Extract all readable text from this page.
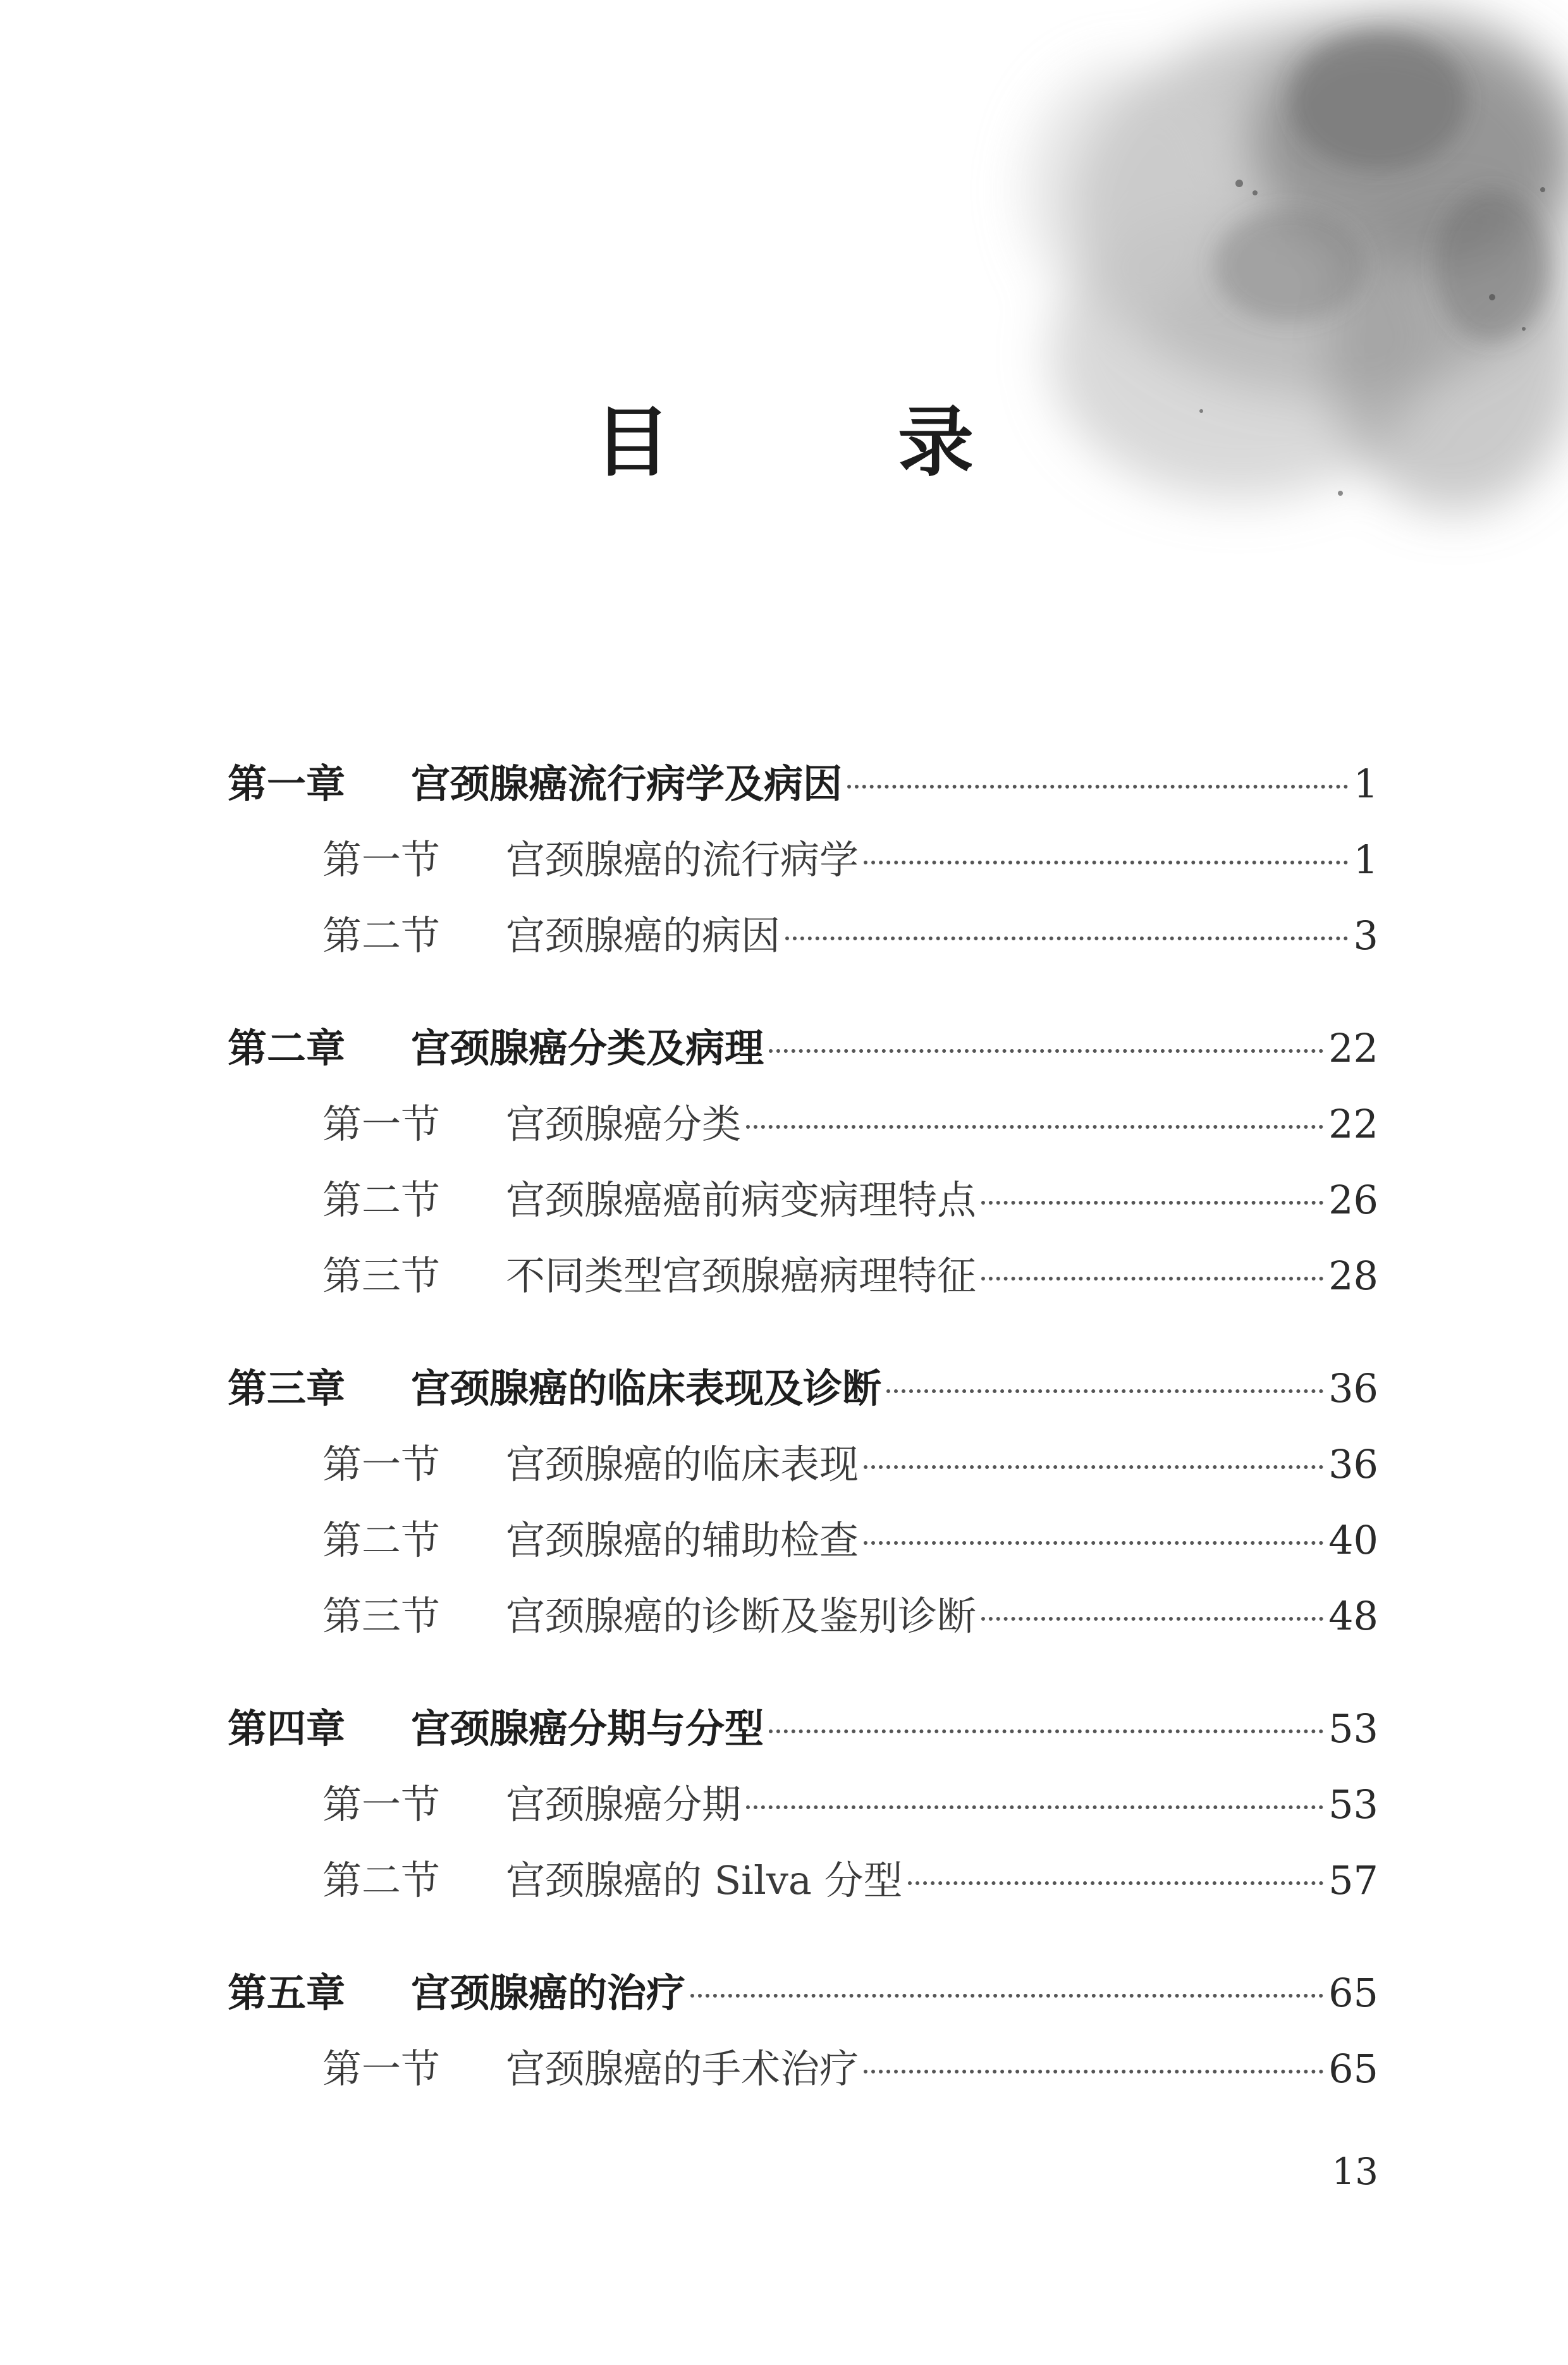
目　录
第一章 宫颈腺癌流行病学及病因	1
第一节 宫颈腺癌的流行病学	1
第二节 宫颈腺癌的病因	3
第二章 宫颈腺癌分类及病理	22
第一节 宫颈腺癌分类	22
第二节 宫颈腺癌癌前病变病理特点	26
第三节 不同类型宫颈腺癌病理特征	28
第三章 宫颈腺癌的临床表现及诊断	36
第一节 宫颈腺癌的临床表现	36
第二节 宫颈腺癌的辅助检查	40
第三节 宫颈腺癌的诊断及鉴别诊断	48
第四章 宫颈腺癌分期与分型	53
第一节 宫颈腺癌分期	53
第二节 宫颈腺癌的 Silva 分型	57
第五章 宫颈腺癌的治疗	65
第一节 宫颈腺癌的手术治疗	65
13
